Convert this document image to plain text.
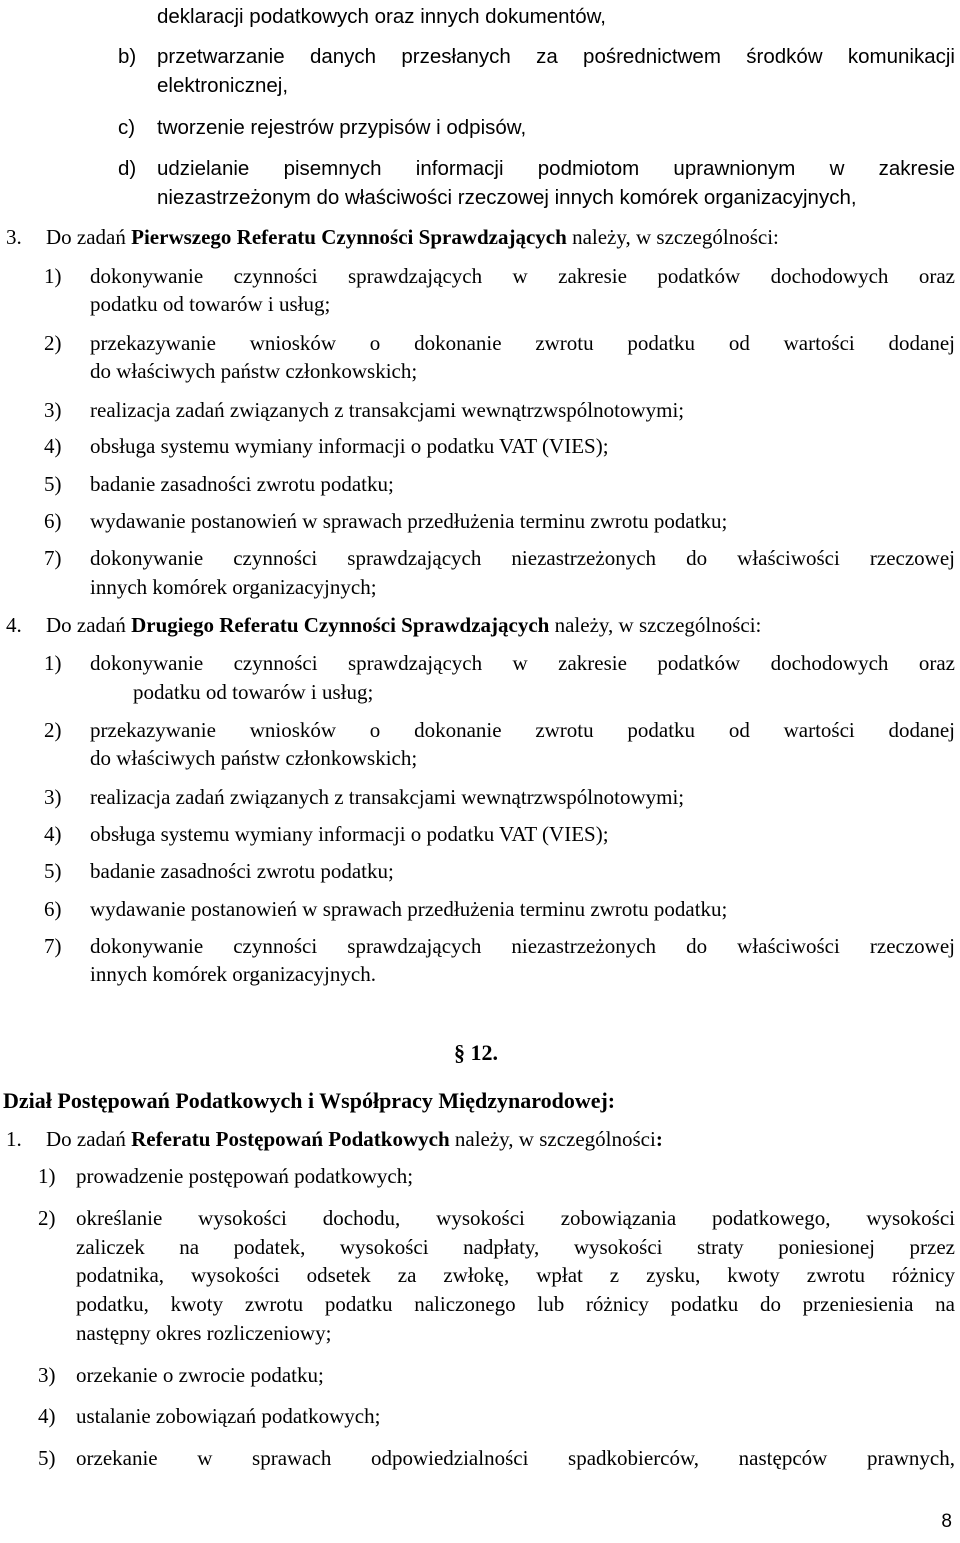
deklaracji podatkowych oraz innych dokumentów,
b) przetwarzanie danych przesłanych za pośrednictwem środków komunikacji
elektronicznej,
c) tworzenie rejestrów przypisów i odpisów,
d) udzielanie pisemnych informacji podmiotom uprawnionym w zakresie
niezastrzeżonym do właściwości rzeczowej innych komórek organizacyjnych,
3. Do zadań Pierwszego Referatu Czynności Sprawdzających należy, w szczególności:
1) dokonywanie czynności sprawdzających w zakresie podatków dochodowych oraz
podatku od towarów i usług;
2) przekazywanie wniosków o dokonanie zwrotu podatku od wartości dodanej
do właściwych państw członkowskich;
3) realizacja zadań związanych z transakcjami wewnątrzwspólnotowymi;
4) obsługa systemu wymiany informacji o podatku VAT (VIES);
5) badanie zasadności zwrotu podatku;
6) wydawanie postanowień w sprawach przedłużenia terminu zwrotu podatku;
7) dokonywanie czynności sprawdzających niezastrzeżonych do właściwości rzeczowej
innych komórek organizacyjnych;
4. Do zadań Drugiego Referatu Czynności Sprawdzających należy, w szczególności:
1) dokonywanie czynności sprawdzających w zakresie podatków dochodowych oraz
podatku od towarów i usług;
2) przekazywanie wniosków o dokonanie zwrotu podatku od wartości dodanej
do właściwych państw członkowskich;
3) realizacja zadań związanych z transakcjami wewnątrzwspólnotowymi;
4) obsługa systemu wymiany informacji o podatku VAT (VIES);
5) badanie zasadności zwrotu podatku;
6) wydawanie postanowień w sprawach przedłużenia terminu zwrotu podatku;
7) dokonywanie czynności sprawdzających niezastrzeżonych do właściwości rzeczowej
innych komórek organizacyjnych.
§ 12.
Dział Postępowań Podatkowych i Współpracy Międzynarodowej:
1. Do zadań Referatu Postępowań Podatkowych należy, w szczególności:
1) prowadzenie postępowań podatkowych;
2) określanie wysokości dochodu, wysokości zobowiązania podatkowego, wysokości
zaliczek na podatek, wysokości nadpłaty, wysokości straty poniesionej przez
podatnika, wysokości odsetek za zwłokę, wpłat z zysku, kwoty zwrotu różnicy
podatku, kwoty zwrotu podatku naliczonego lub różnicy podatku do przeniesienia na
następny okres rozliczeniowy;
3) orzekanie o zwrocie podatku;
4) ustalanie zobowiązań podatkowych;
5) orzekanie w sprawach odpowiedzialności spadkobierców, następców prawnych,
8
